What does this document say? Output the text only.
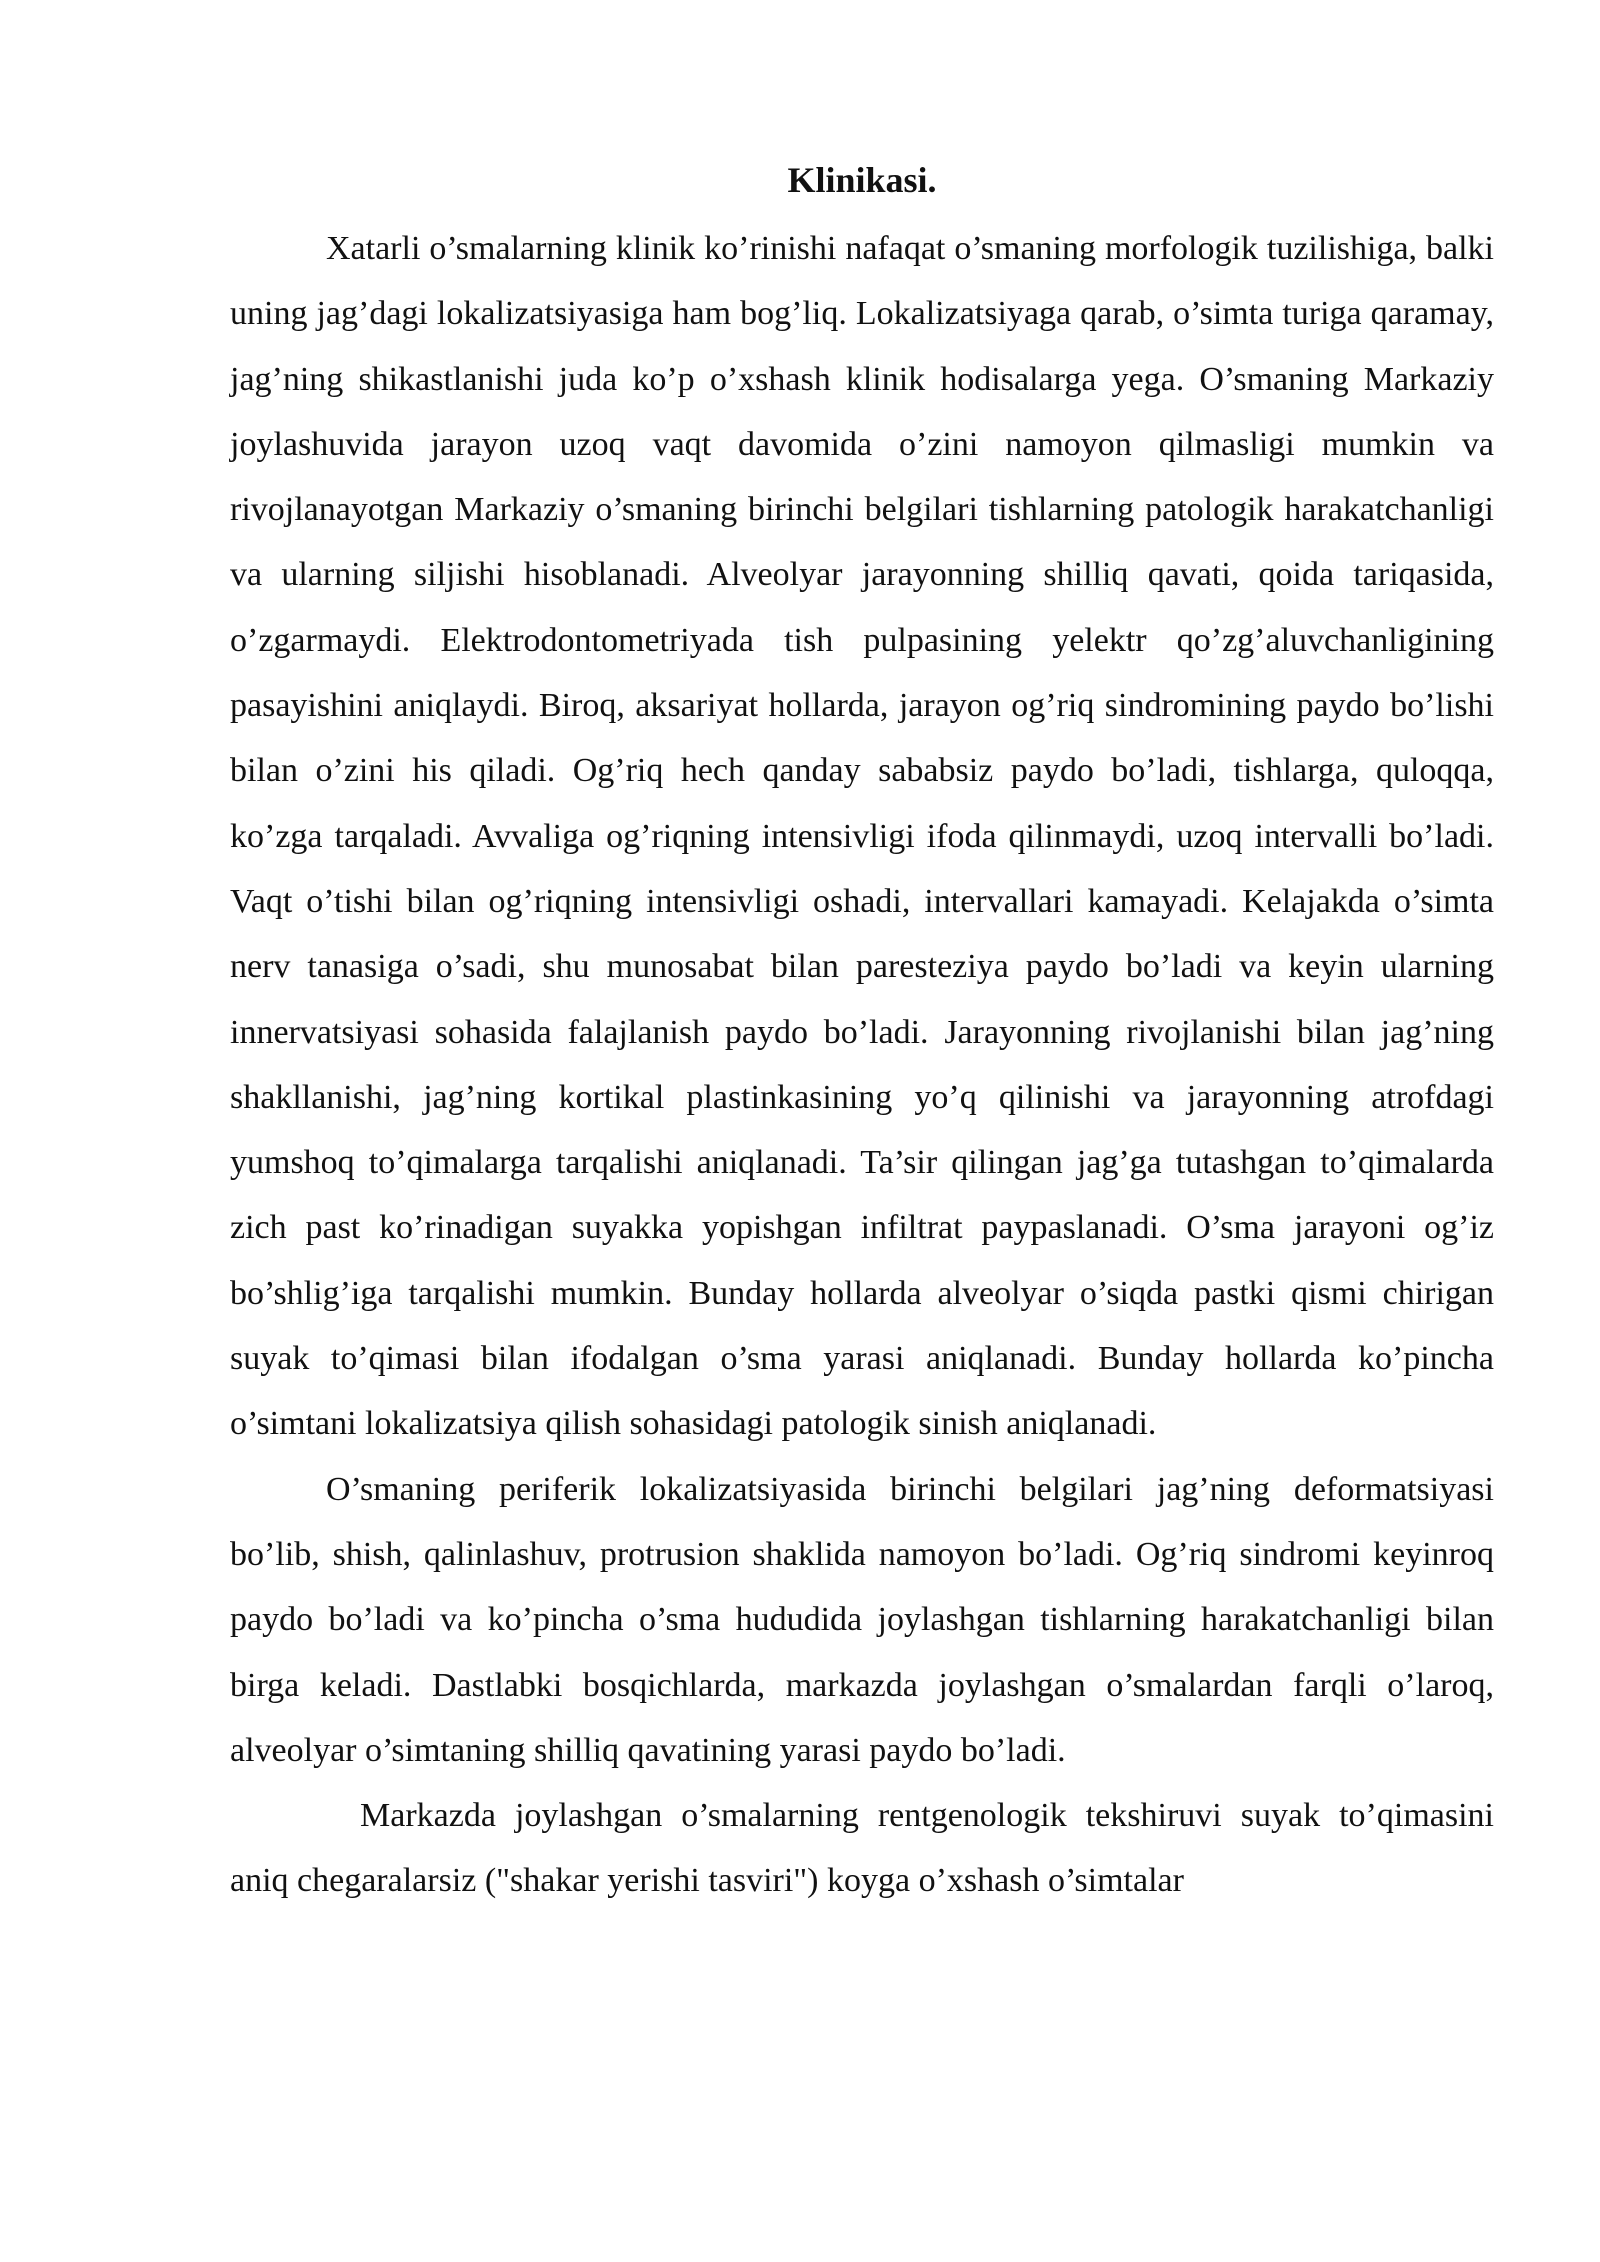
Klinikasi.

Xatarli o’smalarning klinik ko’rinishi nafaqat o’smaning morfologik tuzilishiga, balki uning jag’dagi lokalizatsiyasiga ham bog’liq. Lokalizatsiyaga qarab, o’simta turiga qaramay, jag’ning shikastlanishi juda ko’p o’xshash klinik hodisalarga yega. O’smaning Markaziy joylashuvida jarayon uzoq vaqt davomida o’zini namoyon qilmasligi mumkin va rivojlanayotgan Markaziy o’smaning birinchi belgilari tishlarning patologik harakatchanligi va ularning siljishi hisoblanadi. Alveolyar jarayonning shilliq qavati, qoida tariqasida, o’zgarmaydi. Elektrodontometriyada tish pulpasining yelektr qo’zg’aluvchanligining pasayishini aniqlaydi. Biroq, aksariyat hollarda, jarayon og’riq sindromining paydo bo’lishi bilan o’zini his qiladi. Og’riq hech qanday sababsiz paydo bo’ladi, tishlarga, quloqqa, ko’zga tarqaladi. Avvaliga og’riqning intensivligi ifoda qilinmaydi, uzoq intervalli bo’ladi. Vaqt o’tishi bilan og’riqning intensivligi oshadi, intervallari kamayadi. Kelajakda o’simta nerv tanasiga o’sadi, shu munosabat bilan paresteziya paydo bo’ladi va keyin ularning innervatsiyasi sohasida falajlanish paydo bo’ladi. Jarayonning rivojlanishi bilan jag’ning shakllanishi, jag’ning kortikal plastinkasining yo’q qilinishi va jarayonning atrofdagi yumshoq to’qimalarga tarqalishi aniqlanadi. Ta’sir qilingan jag’ga tutashgan to’qimalarda zich past ko’rinadigan suyakka yopishgan infiltrat paypaslanadi. O’sma jarayoni og’iz bo’shlig’iga tarqalishi mumkin. Bunday hollarda alveolyar o’siqda pastki qismi chirigan suyak to’qimasi bilan ifodalgan o’sma yarasi aniqlanadi. Bunday hollarda ko’pincha o’simtani lokalizatsiya qilish sohasidagi patologik sinish aniqlanadi.

O’smaning periferik lokalizatsiyasida birinchi belgilari jag’ning deformatsiyasi bo’lib, shish, qalinlashuv, protrusion shaklida namoyon bo’ladi. Og’riq sindromi keyinroq paydo bo’ladi va ko’pincha o’sma hududida joylashgan tishlarning harakatchanligi bilan birga keladi. Dastlabki bosqichlarda, markazda joylashgan o’smalardan farqli o’laroq, alveolyar o’simtaning shilliq qavatining yarasi paydo bo’ladi.

Markazda joylashgan o’smalarning rentgenologik tekshiruvi suyak to’qimasini aniq chegaralarsiz ("shakar yerishi tasviri") koyga o’xshash o’simtalar
